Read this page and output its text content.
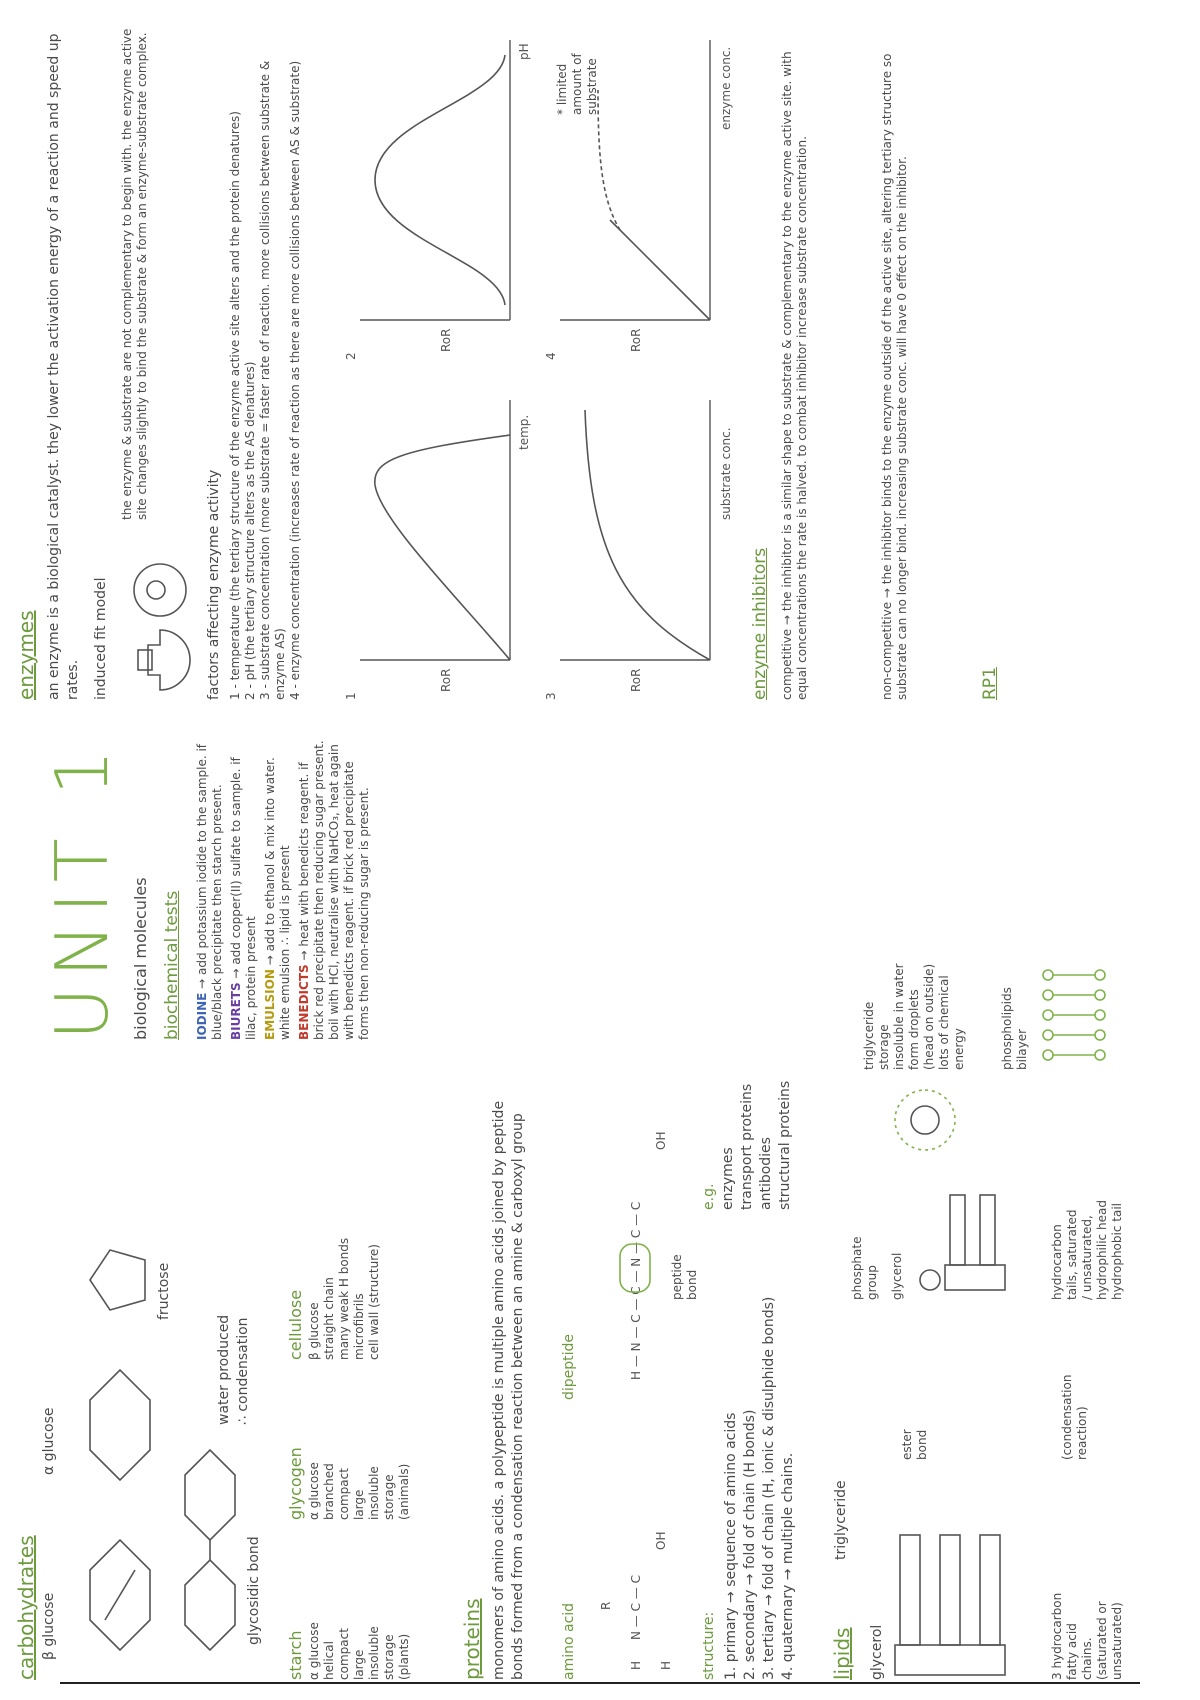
carbohydrates β glucose
α glucose
fructose
glycosidic bond
water produced
∴ condensation
starch α glucose
helical
compact
large
insoluble
storage
(plants)
glycogen α glucose
branched
compact
large
insoluble
storage
(animals)
cellulose β glucose
straight chain
many weak H bonds
microfibrils
cell wall (structure)
proteins monomers of amino acids. a polypeptide is multiple amino acids joined by peptide bonds formed from a condensation reaction between an amine & carboxyl group	amino acid
dipeptide
H
N — C — C
R
OH
H
H — N — C — C — N — C — C
OH
peptide
bond
structure: 1. primary → sequence of amino acids 2. secondary → fold of chain (H bonds) 3. tertiary → fold of chain (H, ionic & disulphide bonds) 4. quaternary → multiple chains.
e.g. enzymes transport proteins antibodies structural proteins
lipids
triglyceride
glycerol	3 hydrocarbon
fatty acid
chains.
(saturated or
unsaturated)
ester
bond	(condensation
reaction)
phosphate
group glycerol	hydrocarbon
tails, saturated
/ unsaturated,
hydrophilic head
hydrophobic tail
triglyceride
storage
insoluble in water
form droplets
(head on outside)
lots of chemical
energy	phospholipids
bilayer
UNIT 1 biological molecules biochemical tests IODINE → add potassium iodide to the sample. if blue/black precipitate then starch present. BIURETS → add copper(II) sulfate to sample. if lilac, protein present EMULSION → add to ethanol & mix into water. white emulsion ∴ lipid is present BENEDICTS → heat with benedicts reagent. if brick red precipitate then reducing sugar present.
boil with HCl, neutralise with NaHCO₃, heat again with benedicts reagent. if brick red precipitate forms then non-reducing sugar is present.
enzymes an enzyme is a biological catalyst. they lower the activation energy of a reaction and speed up rates. induced fit model
the enzyme & substrate are not complementary to begin with. the enzyme active site changes slightly to bind the substrate & form an enzyme-substrate complex.
factors affecting enzyme activity 1 - temperature (the tertiary structure of the enzyme active site alters and the protein denatures) 2 - pH (the tertiary structure alters as the AS denatures) 3 - substrate concentration (more substrate = faster rate of reaction. more collisions between substrate & enzyme AS) 4 - enzyme concentration (increases rate of reaction as there are more collisions between AS & substrate)	1
RoR
temp.
2
RoR
pH
3
RoR
substrate conc.
4
RoR
enzyme conc.
* limited amount of substrate
enzyme inhibitors competitive → the inhibitor is a similar shape to substrate & complementary to the enzyme active site. with equal concentrations the rate is halved. to combat inhibitor increase substrate concentration.	non-competitive → the inhibitor binds to the enzyme outside of the active site, altering tertiary structure so substrate can no longer bind. increasing substrate conc. will have 0 effect on the inhibitor.	RP1
